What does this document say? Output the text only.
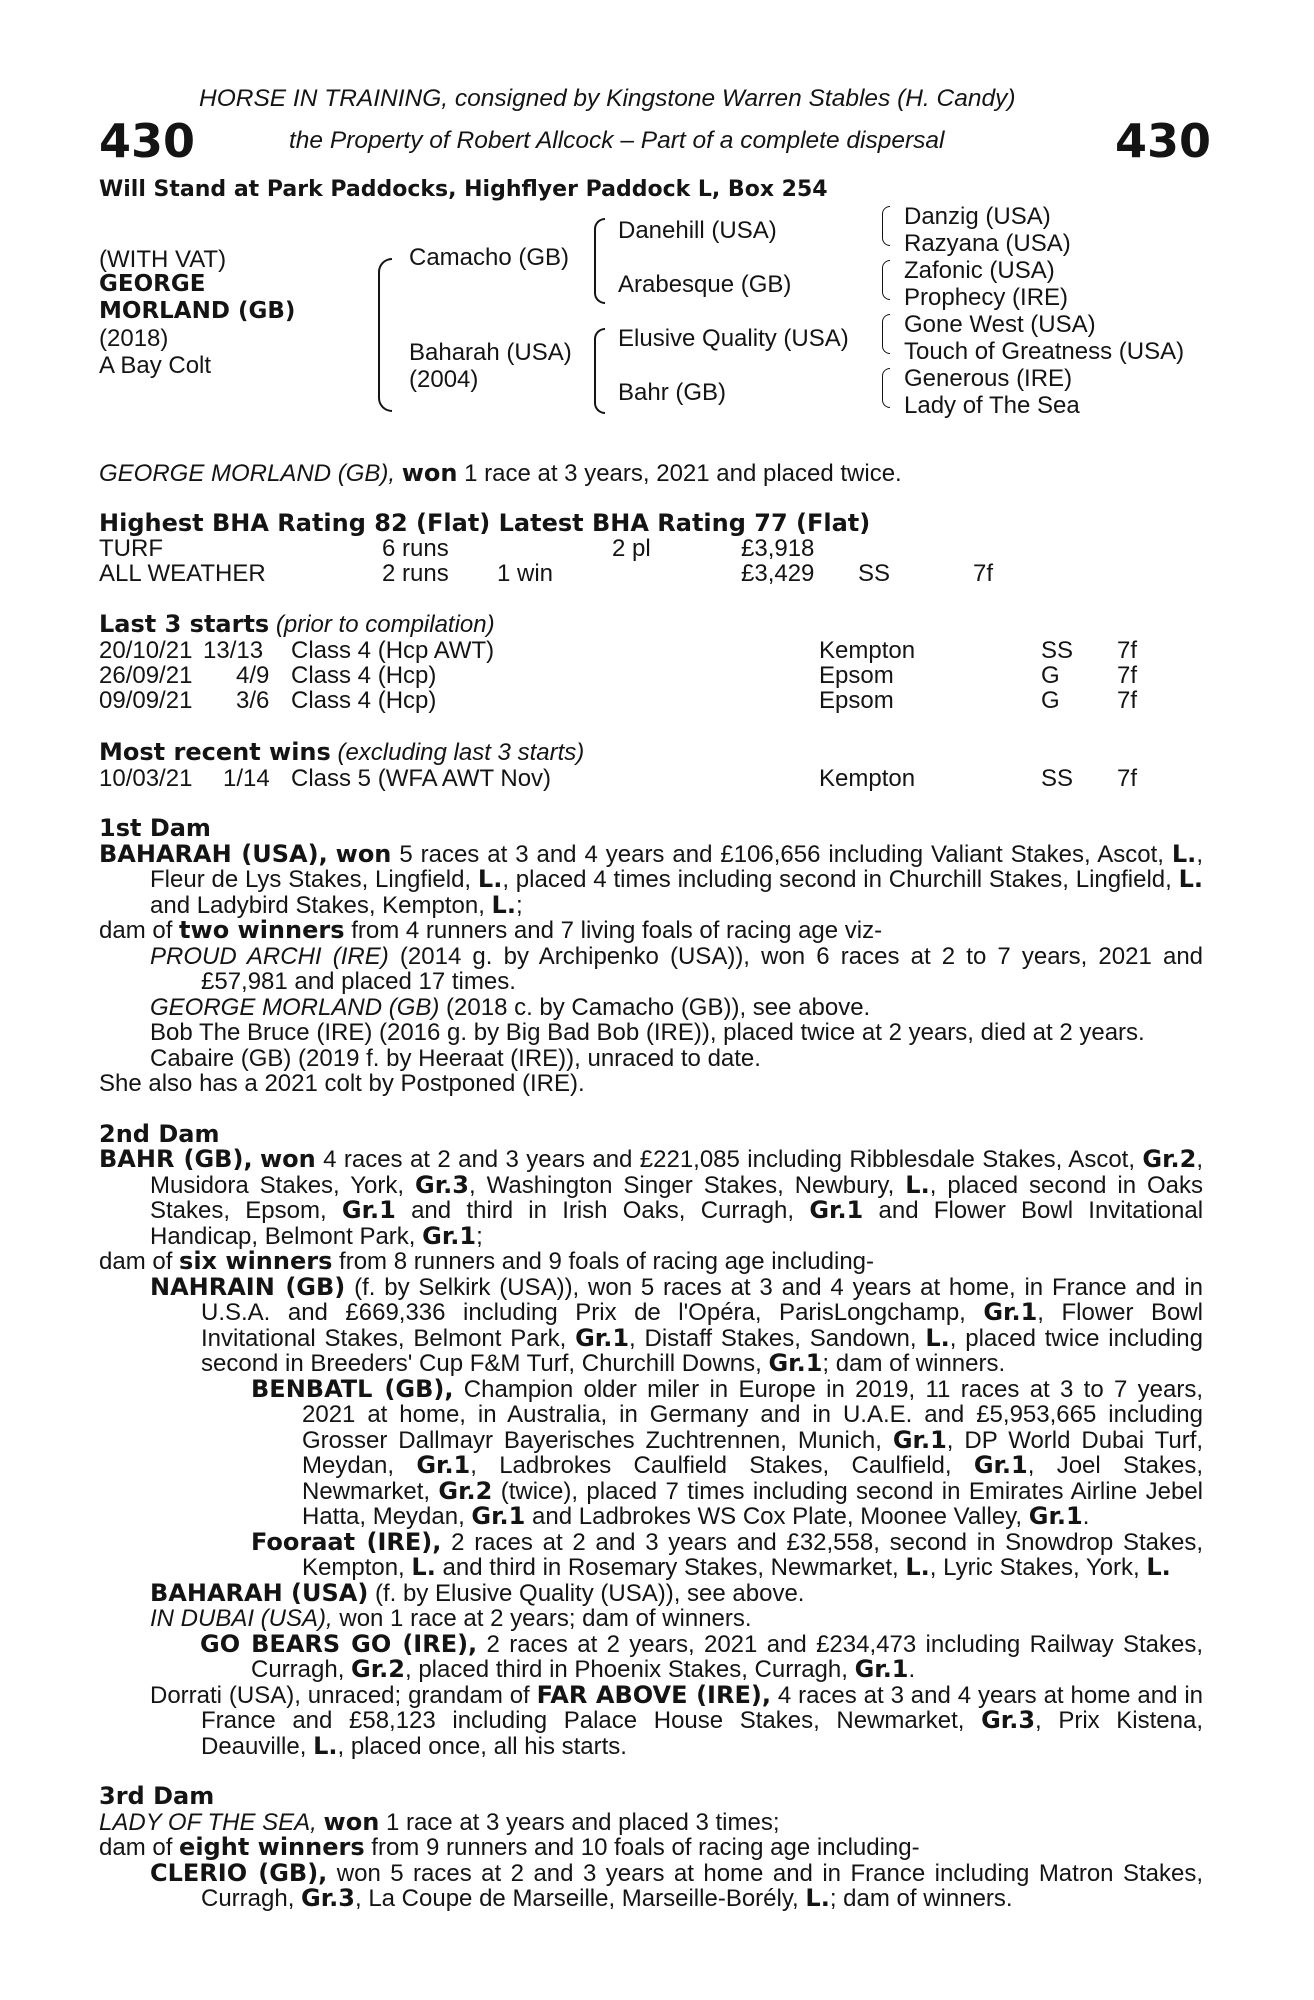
HORSE IN TRAINING, consigned by Kingstone Warren Stables (H. Candy)
430	the Property of Robert Allcock – Part of a complete dispersal	430
Will Stand at Park Paddocks, Highflyer Paddock L, Box 254
(WITH VAT)
GEORGE
MORLAND (GB)
(2018)
A Bay Colt
Camacho (GB)
Baharah (USA)
(2004)
Danehill (USA)
Arabesque (GB)
Elusive Quality (USA)
Bahr (GB)
Danzig (USA)
Razyana (USA)
Zafonic (USA)
Prophecy (IRE)
Gone West (USA)
Touch of Greatness (USA)
Generous (IRE)
Lady of The Sea
GEORGE MORLAND (GB), won 1 race at 3 years, 2021 and placed twice.
Highest BHA Rating 82 (Flat) Latest BHA Rating 77 (Flat)
TURF	6 runs	2 pl	£3,918
ALL WEATHER	2 runs 1 win	£3,429 SS	7f
Last 3 starts (prior to compilation)
20/10/21 13/13 Class 4 (Hcp AWT)	Kempton	SS 7f
26/09/21 4/9 Class 4 (Hcp)	Epsom	G 7f
09/09/21 3/6 Class 4 (Hcp)	Epsom	G 7f
Most recent wins (excluding last 3 starts)
10/03/21 1/14 Class 5 (WFA AWT Nov)	Kempton	SS 7f

1st Dam

BAHARAH (USA), won 5 races at 3 and 4 years and £106,656 including Valiant Stakes, Ascot, L., Fleur de Lys Stakes, Lingfield, L., placed 4 times including second in Churchill Stakes, Lingfield, L. and Ladybird Stakes, Kempton, L.;

dam of two winners from 4 runners and 7 living foals of racing age viz-

PROUD ARCHI (IRE) (2014 g. by Archipenko (USA)), won 6 races at 2 to 7 years, 2021 and £57,981 and placed 17 times.

GEORGE MORLAND (GB) (2018 c. by Camacho (GB)), see above.

Bob The Bruce (IRE) (2016 g. by Big Bad Bob (IRE)), placed twice at 2 years, died at 2 years.

Cabaire (GB) (2019 f. by Heeraat (IRE)), unraced to date.

She also has a 2021 colt by Postponed (IRE).

2nd Dam

BAHR (GB), won 4 races at 2 and 3 years and £221,085 including Ribblesdale Stakes, Ascot, Gr.2, Musidora Stakes, York, Gr.3, Washington Singer Stakes, Newbury, L., placed second in Oaks Stakes, Epsom, Gr.1 and third in Irish Oaks, Curragh, Gr.1 and Flower Bowl Invitational Handicap, Belmont Park, Gr.1;

dam of six winners from 8 runners and 9 foals of racing age including-

NAHRAIN (GB) (f. by Selkirk (USA)), won 5 races at 3 and 4 years at home, in France and in U.S.A. and £669,336 including Prix de l'Opéra, ParisLongchamp, Gr.1, Flower Bowl Invitational Stakes, Belmont Park, Gr.1, Distaff Stakes, Sandown, L., placed twice including second in Breeders' Cup F&M Turf, Churchill Downs, Gr.1; dam of winners.

BENBATL (GB), Champion older miler in Europe in 2019, 11 races at 3 to 7 years, 2021 at home, in Australia, in Germany and in U.A.E. and £5,953,665 including Grosser Dallmayr Bayerisches Zuchtrennen, Munich, Gr.1, DP World Dubai Turf, Meydan, Gr.1, Ladbrokes Caulfield Stakes, Caulfield, Gr.1, Joel Stakes, Newmarket, Gr.2 (twice), placed 7 times including second in Emirates Airline Jebel Hatta, Meydan, Gr.1 and Ladbrokes WS Cox Plate, Moonee Valley, Gr.1.

Fooraat (IRE), 2 races at 2 and 3 years and £32,558, second in Snowdrop Stakes, Kempton, L. and third in Rosemary Stakes, Newmarket, L., Lyric Stakes, York, L.

BAHARAH (USA) (f. by Elusive Quality (USA)), see above.

IN DUBAI (USA), won 1 race at 2 years; dam of winners.

GO BEARS GO (IRE), 2 races at 2 years, 2021 and £234,473 including Railway Stakes, Curragh, Gr.2, placed third in Phoenix Stakes, Curragh, Gr.1.

Dorrati (USA), unraced; grandam of FAR ABOVE (IRE), 4 races at 3 and 4 years at home and in France and £58,123 including Palace House Stakes, Newmarket, Gr.3, Prix Kistena, Deauville, L., placed once, all his starts.

3rd Dam

LADY OF THE SEA, won 1 race at 3 years and placed 3 times;

dam of eight winners from 9 runners and 10 foals of racing age including-

CLERIO (GB), won 5 races at 2 and 3 years at home and in France including Matron Stakes, Curragh, Gr.3, La Coupe de Marseille, Marseille-Borély, L.; dam of winners.
